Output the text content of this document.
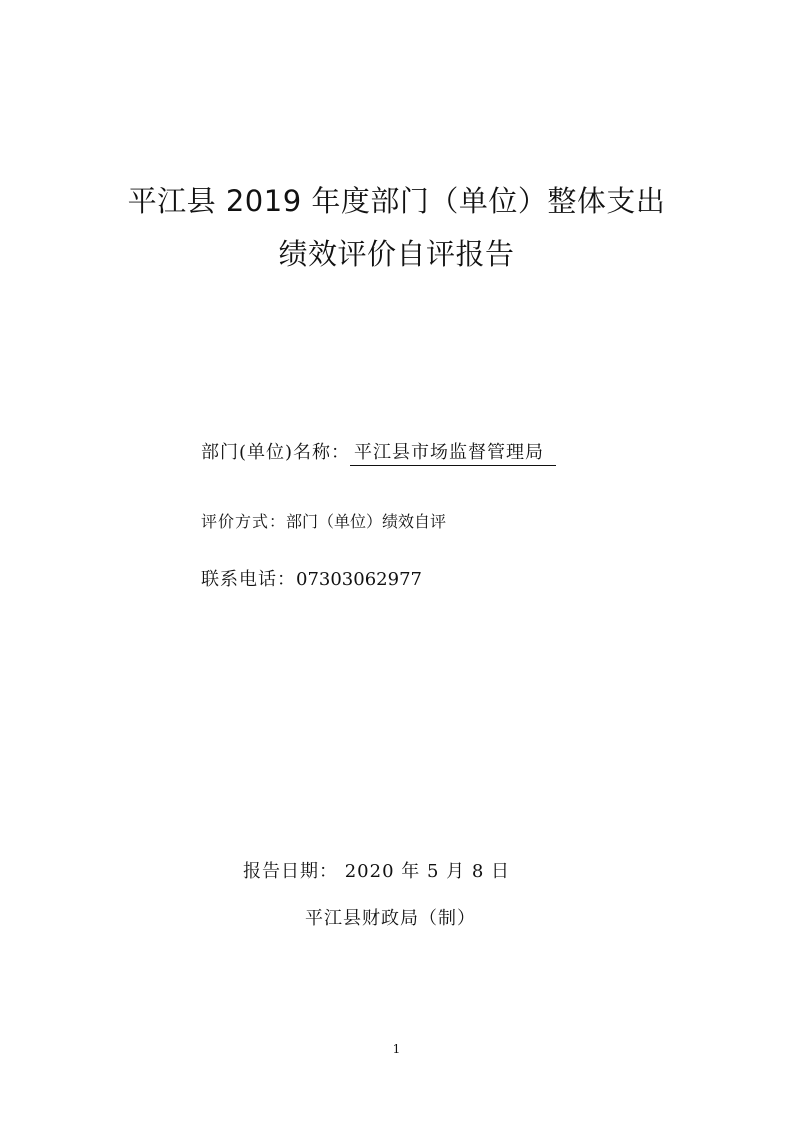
平江县 2019 年度部门（单位）整体支出
绩效评价自评报告
部门(单位)名称： 平江县市场监督管理局
评价方式：部门（单位）绩效自评
联系电话：07303062977
报告日期： 2020 年 5 月 8 日
平江县财政局（制）
1
